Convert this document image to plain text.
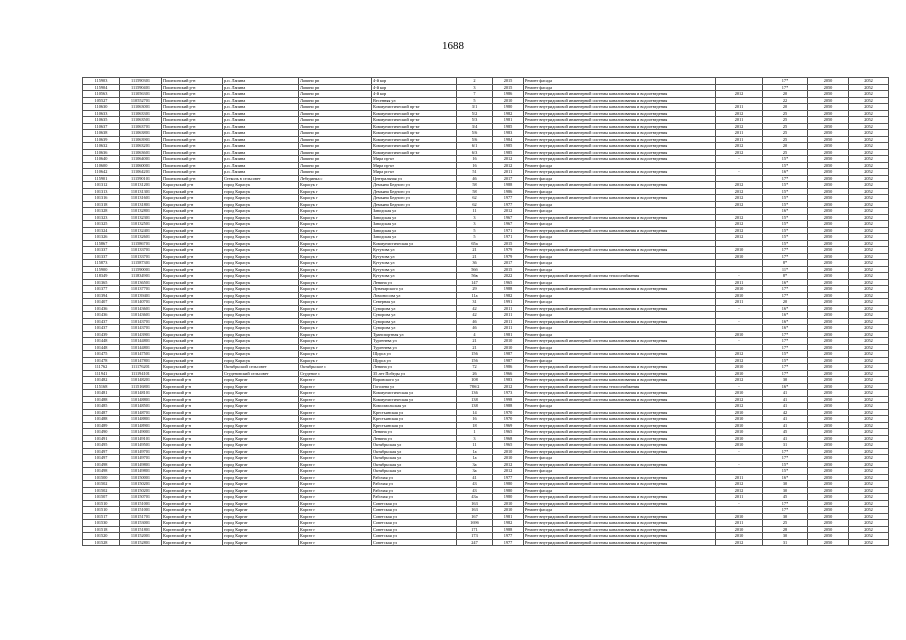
1688
115903	111590301	Пошехонский р-н	р.п. Лапина	Лапино рп	4-й кор	2	2015	Ремонт фасада		17*	2050	2052
115904	111590401	Пошехонский р-н	р.п. Лапина	Лапино рп	4-й кор	3	2015	Ремонт фасада		17*	2050	2052
110563	111056301	Пошехонский р-н	р.п. Лапина	Лапино рп	4-й кор	7	1986	Ремонт внутридомовой инженерной системы канализования и водоотведения	2012	20	2050	2052
105527	110552701	Пошехонский р-н	р.п. Лапина	Лапино рп	Весенняя ул	5	2010	Ремонт внутридомовой инженерной системы канализования и водоотведения		22	2050	2052
110630	111063001	Пошехонский р-н	р.п. Лапина	Лапино рп	Коммунистический пр-кт	3/1	1980	Ремонт внутридомовой инженерной системы канализования и водоотведения	2011	20	2050	2052
110633	111063301	Пошехонский р-н	р.п. Лапина	Лапино рп	Коммунистический пр-кт	5/2	1982	Ремонт внутридомовой инженерной системы канализования и водоотведения	2012	25	2050	2052
110635	111063501	Пошехонский р-н	р.п. Лапина	Лапино рп	Коммунистический пр-кт	5/3	1981	Ремонт внутридомовой инженерной системы канализования и водоотведения	2011	25	2050	2052
110637	111063701	Пошехонский р-н	р.п. Лапина	Лапино рп	Коммунистический пр-кт	3/4	1985	Ремонт внутридомовой инженерной системы канализования и водоотведения	2012	25	2050	2052
110638	111063801	Пошехонский р-н	р.п. Лапина	Лапино рп	Коммунистический пр-кт	5/6	1983	Ремонт внутридомовой инженерной системы канализования и водоотведения	2011	25	2050	2052
110639	111063901	Пошехонский р-н	р.п. Лапина	Лапино рп	Коммунистический пр-кт	5/6	1984	Ремонт внутридомовой инженерной системы канализования и водоотведения	2011	25	2050	2052
110632	111063201	Пошехонский р-н	р.п. Лапина	Лапино рп	Коммунистический пр-кт	6/1	1985	Ремонт внутридомовой инженерной системы канализования и водоотведения	2012	20	2050	2052
110636	111063601	Пошехонский р-н	р.п. Лапина	Лапино рп	Коммунистический пр-кт	6/3	1985	Ремонт внутридомовой инженерной системы канализования и водоотведения	2012	25	2050	2052
110640	111064001	Пошехонский р-н	р.п. Лапина	Лапино рп	Мира пр-кт	16	2012	Ремонт внутридомовой инженерной системы канализования и водоотведения	-	15*	2050	2052
110600	111060001	Пошехонский р-н	р.п. Лапина	Лапино рп	Мира пр-кт	16	2012	Ремонт фасада		15*	2050	2052
110642	111064201	Пошехонский р-н	р.п. Лапина	Лапино рп	Мира рп-кт	51	2011	Ремонт внутридомовой инженерной системы канализования и водоотведения	-	16*	2050	2052
115901	111590101	Пошехонский р-н	Стеколь в сельсовет	Лебединка с	Центральная ул	46	2017	Ремонт фасада		17*	2050	2052
101312	110131201	Карасукский р-н	город Карасук	Карасук г	Демьяна Бедного ул	58	1988	Ремонт внутридомовой инженерной системы канализования и водоотведения	2012	15*	2050	2052
101313	110131301	Карасукский р-н	город Карасук	Карасук г	Демьяна Бедного ул	58	1986	Ремонт фасада	2012	15*	2050	2052
101316	110131601	Карасукский р-н	город Карасук	Карасук г	Демьяна Бедного ул	62	1977	Ремонт внутридомовой инженерной системы канализования и водоотведения	2012	15*	2050	2052
101318	110131801	Карасукский р-н	город Карасук	Карасук г	Демьяна Бедного ул	62	1977	Ремонт фасада	2012	15*	2050	2052
101328	110132801	Карасукский р-н	город Карасук	Карасук г	Заводская ул	11	2012	Ремонт фасада		16*	2050	2052
101323	110132301	Карасукский р-н	город Карасук	Карасук г	Заводская ул	3	1967	Ремонт внутридомовой инженерной системы канализования и водоотведения	2012	15*	2050	2052
101325	110132501	Карасукский р-н	город Карасук	Карасук г	Заводская ул	3	1967	Ремонт фасада	2012	15*	2050	2052
101324	110132401	Карасукский р-н	город Карасук	Карасук г	Заводская ул	5	1971	Ремонт внутридомовой инженерной системы канализования и водоотведения	2012	15*	2050	2052
101326	110132601	Карасукский р-н	город Карасук	Карасук г	Заводская ул	5	1971	Ремонт фасада	2012	15*	2050	2052
115867	111586701	Карасукский р-н	город Карасук	Карасук г	Коммунистическая ул	65а	2015	Ремонт фасада		15*	2050	2052
101337	110133701	Карасукский р-н	город Карасук	Карасук г	Кутузова ул	21	1979	Ремонт внутридомовой инженерной системы канализования и водоотведения	2010	17*	2050	2052
101337	110133701	Карасукский р-н	город Карасук	Карасук г	Кутузова ул	21	1979	Ремонт фасада	2010	17*	2050	2052
115873	111587301	Карасукский р-н	город Карасук	Карасук г	Кутузова ул	36	2017	Ремонт фасада		8*	2050	2052
115900	111590001	Карасукский р-н	город Карасук	Карасук г	Кутузова ул	56б	2015	Ремонт фасада		11*	2050	2052
118349	111834901	Карасукский р-н	город Карасук	Карасук г	Кутузова ул	56в	2022	Ремонт внутридомовой инженерной системы теплоснабжения	-	8*	2050	2052
101365	110136501	Карасукский р-н	город Карасук	Карасук г	Ленина ул	147	1965	Ремонт фасада	2011	16*	2050	2052
101377	110137701	Карасукский р-н	город Карасук	Карасук г	Луначарского ул	29	1988	Ремонт внутридомовой инженерной системы канализования и водоотведения	2010	17*	2050	2052
101394	110139401	Карасукский р-н	город Карасук	Карасук г	Ломоносова ул	11а	1982	Ремонт фасада	2010	17*	2050	2052
101407	110140701	Карасукский р-н	город Карасук	Карасук г	Северная ул	31	1991	Ремонт фасада	2011	20	2050	2052
101436	110143601	Карасукский р-н	город Карасук	Карасук г	Суворова ул	42	2011	Ремонт внутридомовой инженерной системы канализования и водоотведения	-	16*	2050	2052
101436	110143601	Карасукский р-н	город Карасук	Карасук г	Суворова ул	42	2011	Ремонт фасада		16*	2050	2052
101437	110143701	Карасукский р-н	город Карасук	Карасук г	Суворова ул	46	2011	Ремонт внутридомовой инженерной системы канализования и водоотведения	-	16*	2050	2052
101437	110143701	Карасукский р-н	город Карасук	Карасук г	Суворова ул	46	2011	Ремонт фасада		16*	2050	2052
101439	110143901	Карасукский р-н	город Карасук	Карасук г	Транспортная ул	4	1981	Ремонт фасада	2010	17*	2050	2052
101448	110144801	Карасукский р-н	город Карасук	Карасук г	Тургенева ул	21	2010	Ремонт внутридомовой инженерной системы канализования и водоотведения	-	17*	2050	2052
101448	110144801	Карасукский р-н	город Карасук	Карасук г	Тургенева ул	21	2010	Ремонт фасада		17*	2050	2052
101475	110147501	Карасукский р-н	город Карасук	Карасук г	Щорса ул	156	1987	Ремонт внутридомовой инженерной системы канализования и водоотведения	2012	15*	2050	2052
101478	110147801	Карасукский р-н	город Карасук	Карасук г	Щорса ул	156	1987	Ремонт фасада	2012	15*	2050	2052
111762	111176201	Карасукский р-н	Октябрьский сельсовет	Октябрьское с	Ленина ул	72	1986	Ремонт внутридомовой инженерной системы канализования и водоотведения	2010	17*	2050	2052
111941	111194101	Карасукский р-н	Студеновский сельсовет	Студеное с	35 лет Победы ул	26	1966	Ремонт внутридомовой инженерной системы канализования и водоотведения	2010	17*	2050	2052
101482	110148201	Каргатский р-н	город Каргат	Каргат г	Воровского ул	108	1983	Ремонт внутридомовой инженерной системы канализования и водоотведения	2012	30	2050	2052
115168	111516801	Каргатский р-н	город Каргат	Каргат г	Гоголева ул	78б/2	2012	Ремонт внутридомовой инженерной системы теплоснабжения	-	16*	2050	2052
101481	110148101	Каргатский р-н	город Каргат	Каргат г	Коммунистическая ул	136	1973	Ремонт внутридомовой инженерной системы канализования и водоотведения	2010	41	2050	2052
101488	110148801	Каргатский р-н	город Каргат	Каргат г	Коммунистическая ул	138	1998	Ремонт внутридомовой инженерной системы канализования и водоотведения	2012	41	2050	2052
101485	110148501	Каргатский р-н	город Каргат	Каргат г	Комсомольская ул	138	1988	Ремонт фасада	2012	41	2050	2052
101487	110148701	Каргатский р-н	город Каргат	Каргат г	Крестьянская ул	14	1970	Ремонт внутридомовой инженерной системы канализования и водоотведения	2010	42	2050	2052
101488	110148801	Каргатский р-н	город Каргат	Каргат г	Крестьянская ул	16	1970	Ремонт внутридомовой инженерной системы канализования и водоотведения	2010	41	2050	2052
101489	110148901	Каргатский р-н	город Каргат	Каргат г	Крестьянская ул	18	1969	Ремонт внутридомовой инженерной системы канализования и водоотведения	2010	41	2050	2052
101490	110149001	Каргатский р-н	город Каргат	Каргат г	Ленина ул	1	1965	Ремонт внутридомовой инженерной системы канализования и водоотведения	2010	45	2050	2052
101491	110149101	Каргатский р-н	город Каргат	Каргат г	Ленина ул	3	1968	Ремонт внутридомовой инженерной системы канализования и водоотведения	2010	41	2050	2052
101495	110149501	Каргатский р-н	город Каргат	Каргат г	Октябрьская ул	11	1965	Ремонт внутридомовой инженерной системы канализования и водоотведения	2010	31	2050	2052
101497	110149701	Каргатский р-н	город Каргат	Каргат г	Октябрьская ул	1а	2010	Ремонт внутридомовой инженерной системы канализования и водоотведения	-	17*	2050	2052
101497	110149701	Каргатский р-н	город Каргат	Каргат г	Октябрьская ул	1а	2010	Ремонт фасада		17*	2050	2052
101498	110149801	Каргатский р-н	город Каргат	Каргат г	Октябрьская ул	3а	2012	Ремонт внутридомовой инженерной системы канализования и водоотведения	-	15*	2050	2052
101498	110149801	Каргатский р-н	город Каргат	Каргат г	Октябрьская ул	3а	2012	Ремонт фасада		15*	2050	2052
101500	110150001	Каргатский р-н	город Каргат	Каргат г	Рабочая ул	41	1977	Ремонт внутридомовой инженерной системы канализования и водоотведения	2011	16*	2050	2052
101502	110150201	Каргатский р-н	город Каргат	Каргат г	Рабочая ул	43	1980	Ремонт внутридомовой инженерной системы канализования и водоотведения	2012	30	2050	2052
101502	110150201	Каргатский р-н	город Каргат	Каргат г	Рабочая ул	43	1980	Ремонт фасада	2012	30	2050	2052
101507	110150701	Каргатский р-н	город Каргат	Каргат г	Рабочая ул	43а	1980	Ремонт внутридомовой инженерной системы канализования и водоотведения	2011	45	2050	2052
101510	110151001	Каргатский р-н	город Каргат	Каргат г	Советская ул	163	2010	Ремонт внутридомовой инженерной системы канализования и водоотведения	-	17*	2050	2052
101510	110151001	Каргатский р-н	город Каргат	Каргат г	Советская ул	163	2010	Ремонт фасада		17*	2050	2052
101517	110151701	Каргатский р-н	город Каргат	Каргат г	Советская ул	167	1981	Ремонт внутридомовой инженерной системы канализования и водоотведения	2010	30	2050	2052
101530	110153001	Каргатский р-н	город Каргат	Каргат г	Советская ул	169б	1982	Ремонт внутридомовой инженерной системы канализования и водоотведения	2011	25	2050	2052
101518	110151801	Каргатский р-н	город Каргат	Каргат г	Советская ул	171	1988	Ремонт внутридомовой инженерной системы канализования и водоотведения	2010	28	2050	2052
101520	110152001	Каргатский р-н	город Каргат	Каргат г	Советская ул	173	1977	Ремонт внутридомовой инженерной системы канализования и водоотведения	2010	30	2050	2052
101528	110152801	Каргатский р-н	город Каргат	Каргат г	Советская ул	247	1977	Ремонт внутридомовой инженерной системы канализования и водоотведения	2012	31	2050	2052
